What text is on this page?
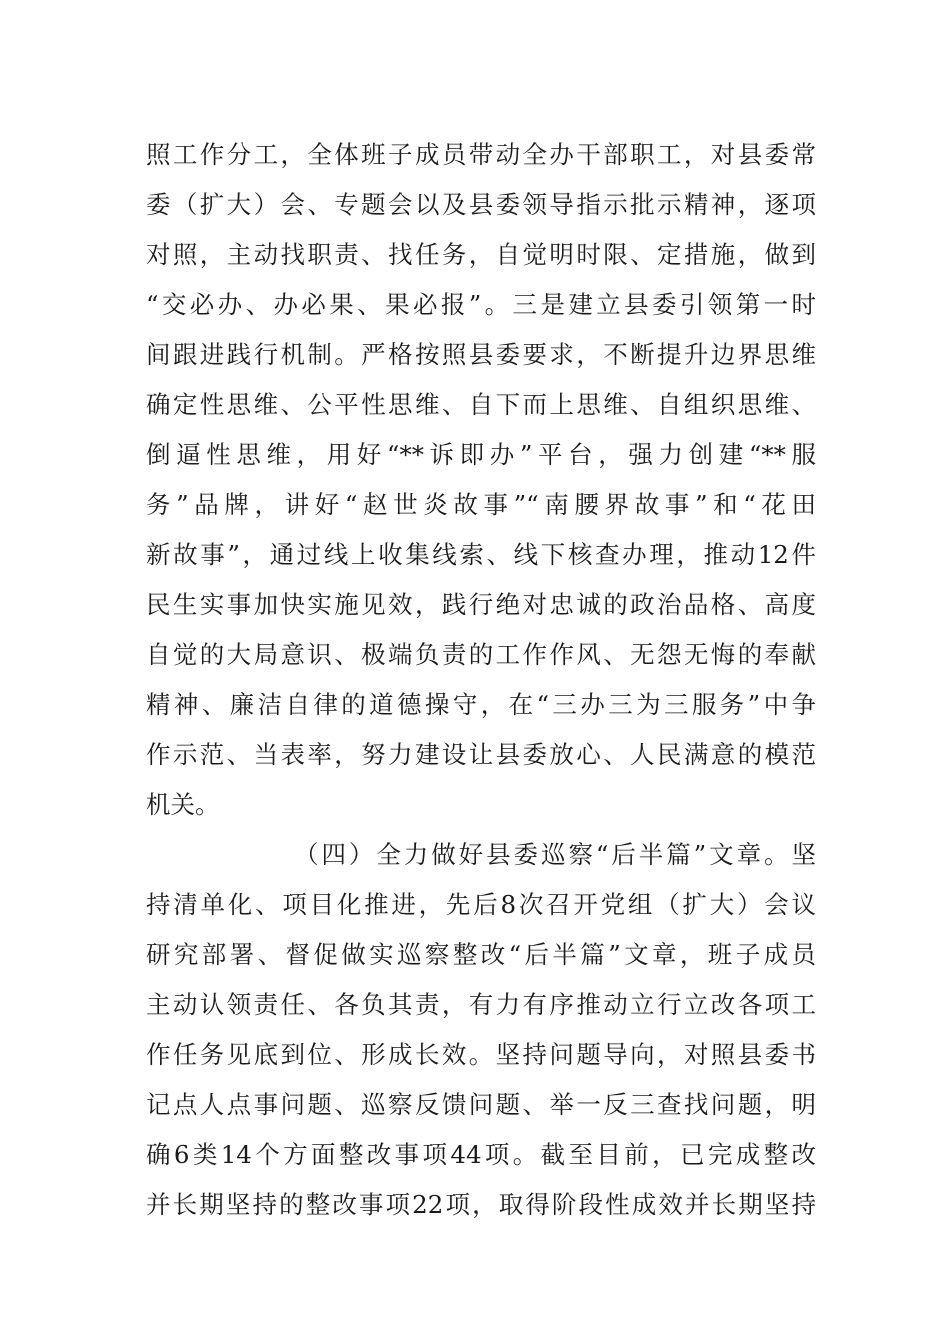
照工作分工，全体班子成员带动全办干部职工，对县委常
委（扩大）会、专题会以及县委领导指示批示精神，逐项
对照，主动找职责、找任务，自觉明时限、定措施，做到
“交必办、办必果、果必报”。三是建立县委引领第一时
间跟进践行机制。严格按照县委要求，不断提升边界思维
确定性思维、公平性思维、自下而上思维、自组织思维、
倒逼性思维，用好“**诉即办”平台，强力创建“**服
务”品牌，讲好“赵世炎故事”“南腰界故事”和“花田
新故事”，通过线上收集线索、线下核查办理，推动12件
民生实事加快实施见效，践行绝对忠诚的政治品格、高度
自觉的大局意识、极端负责的工作作风、无怨无悔的奉献
精神、廉洁自律的道德操守，在“三办三为三服务”中争
作示范、当表率，努力建设让县委放心、人民满意的模范
机关。
（四）全力做好县委巡察“后半篇”文章。坚
持清单化、项目化推进，先后8次召开党组（扩大）会议
研究部署、督促做实巡察整改“后半篇”文章，班子成员
主动认领责任、各负其责，有力有序推动立行立改各项工
作任务见底到位、形成长效。坚持问题导向，对照县委书
记点人点事问题、巡察反馈问题、举一反三查找问题，明
确6类14个方面整改事项44项。截至目前，已完成整改
并长期坚持的整改事项22项，取得阶段性成效并长期坚持
